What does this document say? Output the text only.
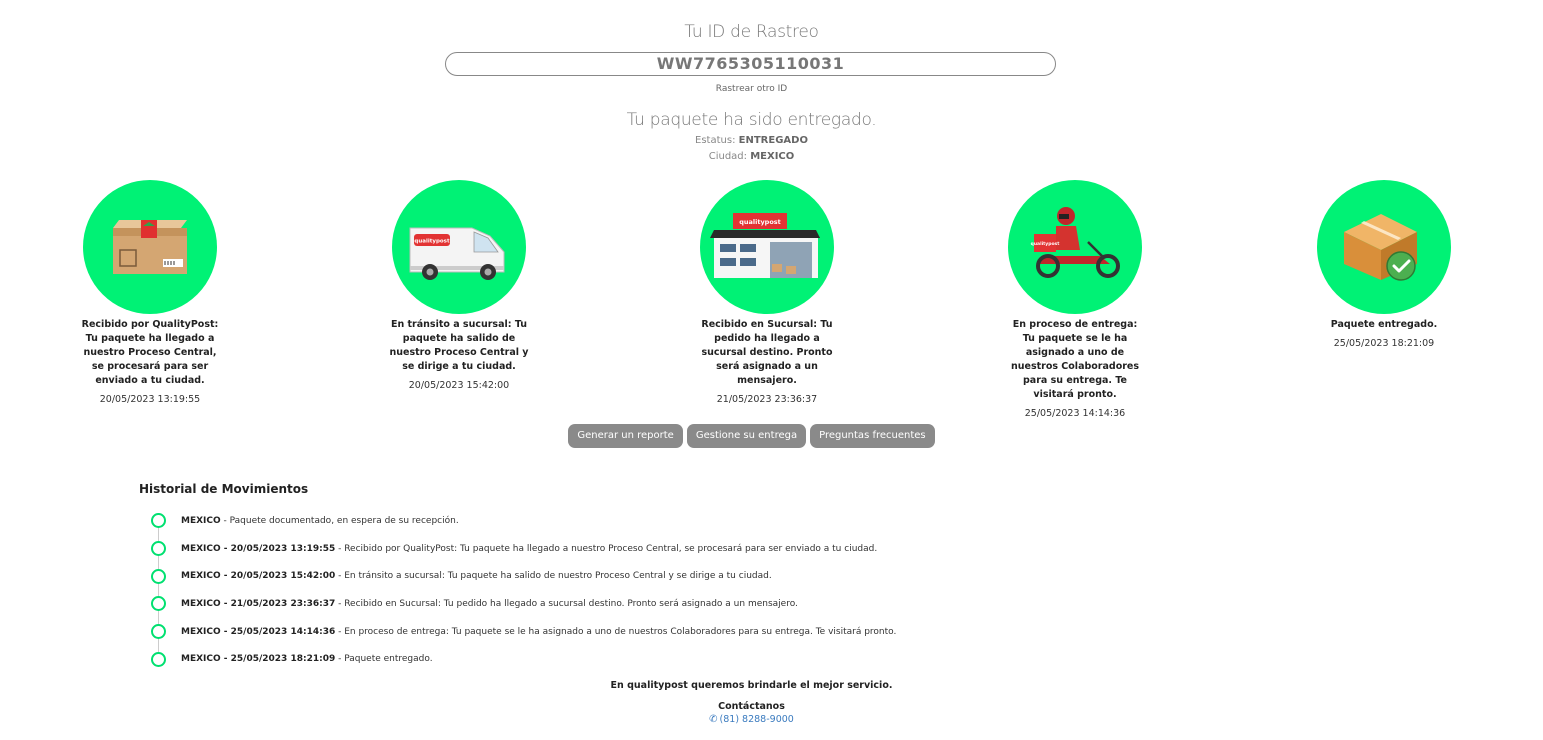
Tu ID de Rastreo
WW7765305110031
Rastrear otro ID
Tu paquete ha sido entregado.
Estatus: ENTREGADO
Ciudad: MEXICO
Recibido por QualityPost: Tu paquete ha llegado a nuestro Proceso Central, se procesará para ser enviado a tu ciudad.
20/05/2023 13:19:55
qualitypost
En tránsito a sucursal: Tu paquete ha salido de nuestro Proceso Central y se dirige a tu ciudad.
20/05/2023 15:42:00
qualitypost
Recibido en Sucursal: Tu pedido ha llegado a sucursal destino. Pronto será asignado a un mensajero.
21/05/2023 23:36:37
qualitypost
En proceso de entrega: Tu paquete se le ha asignado a uno de nuestros Colaboradores para su entrega. Te visitará pronto.
25/05/2023 14:14:36
Paquete entregado.
25/05/2023 18:21:09
Generar un reporte Gestione su entrega Preguntas frecuentes
Historial de Movimientos
MEXICO - Paquete documentado, en espera de su recepción.
MEXICO - 20/05/2023 13:19:55 - Recibido por QualityPost: Tu paquete ha llegado a nuestro Proceso Central, se procesará para ser enviado a tu ciudad.
MEXICO - 20/05/2023 15:42:00 - En tránsito a sucursal: Tu paquete ha salido de nuestro Proceso Central y se dirige a tu ciudad.
MEXICO - 21/05/2023 23:36:37 - Recibido en Sucursal: Tu pedido ha llegado a sucursal destino. Pronto será asignado a un mensajero.
MEXICO - 25/05/2023 14:14:36 - En proceso de entrega: Tu paquete se le ha asignado a uno de nuestros Colaboradores para su entrega. Te visitará pronto.
MEXICO - 25/05/2023 18:21:09 - Paquete entregado.
En qualitypost queremos brindarle el mejor servicio.
Contáctanos
✆ (81) 8288-9000
